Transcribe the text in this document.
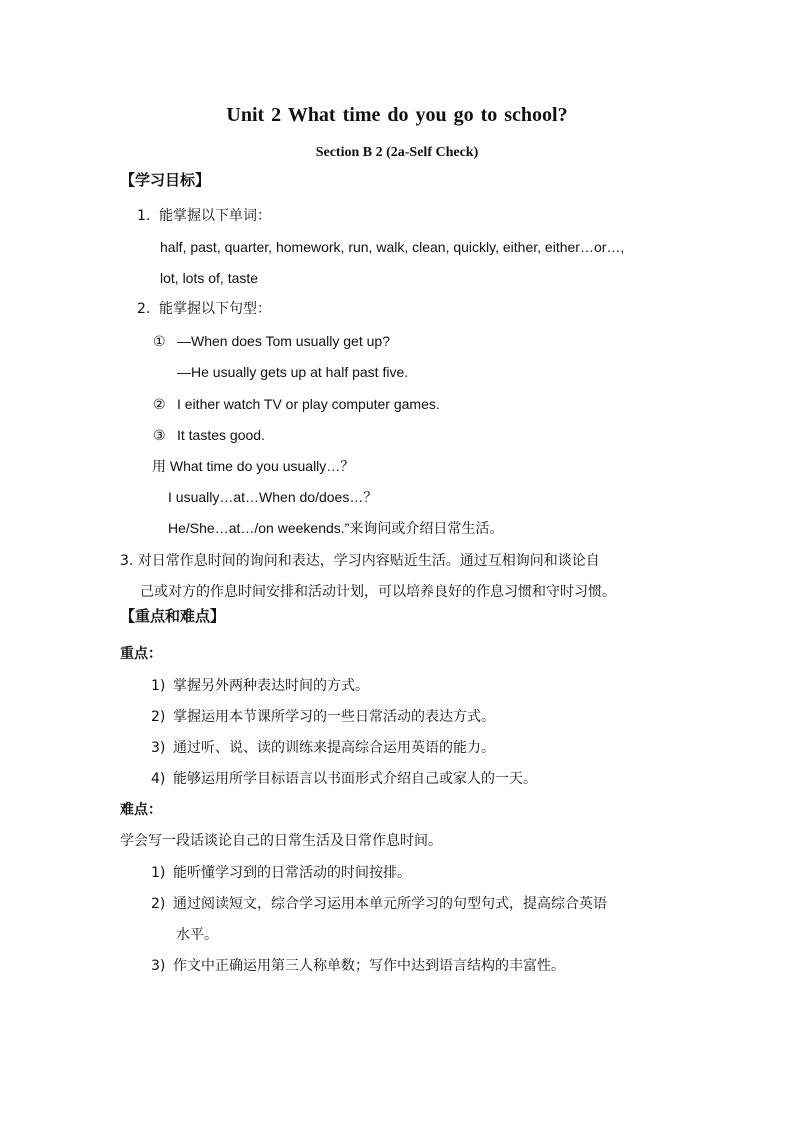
Unit 2 What time do you go to school?
Section B 2 (2a-Self Check)
【学习目标】
1. 能掌握以下单词：
half, past, quarter, homework, run, walk, clean, quickly, either, either…or…,
lot, lots of, taste
2. 能掌握以下句型：
① —When does Tom usually get up?
—He usually gets up at half past five.
② I either watch TV or play computer games.
③ It tastes good.
用 What time do you usually…？
I usually…at…When do/does…？
He/She…at…/on weekends.”来询问或介绍日常生活。
3. 对日常作息时间的询问和表达，学习内容贴近生活。通过互相询问和谈论自
己或对方的作息时间安排和活动计划，可以培养良好的作息习惯和守时习惯。
【重点和难点】
重点：
1) 掌握另外两种表达时间的方式。
2) 掌握运用本节课所学习的一些日常活动的表达方式。
3) 通过听、说、读的训练来提高综合运用英语的能力。
4) 能够运用所学目标语言以书面形式介绍自己或家人的一天。
难点：
学会写一段话谈论自己的日常生活及日常作息时间。
1) 能听懂学习到的日常活动的时间按排。
2) 通过阅读短文，综合学习运用本单元所学习的句型句式，提高综合英语
水平。
3) 作文中正确运用第三人称单数；写作中达到语言结构的丰富性。
